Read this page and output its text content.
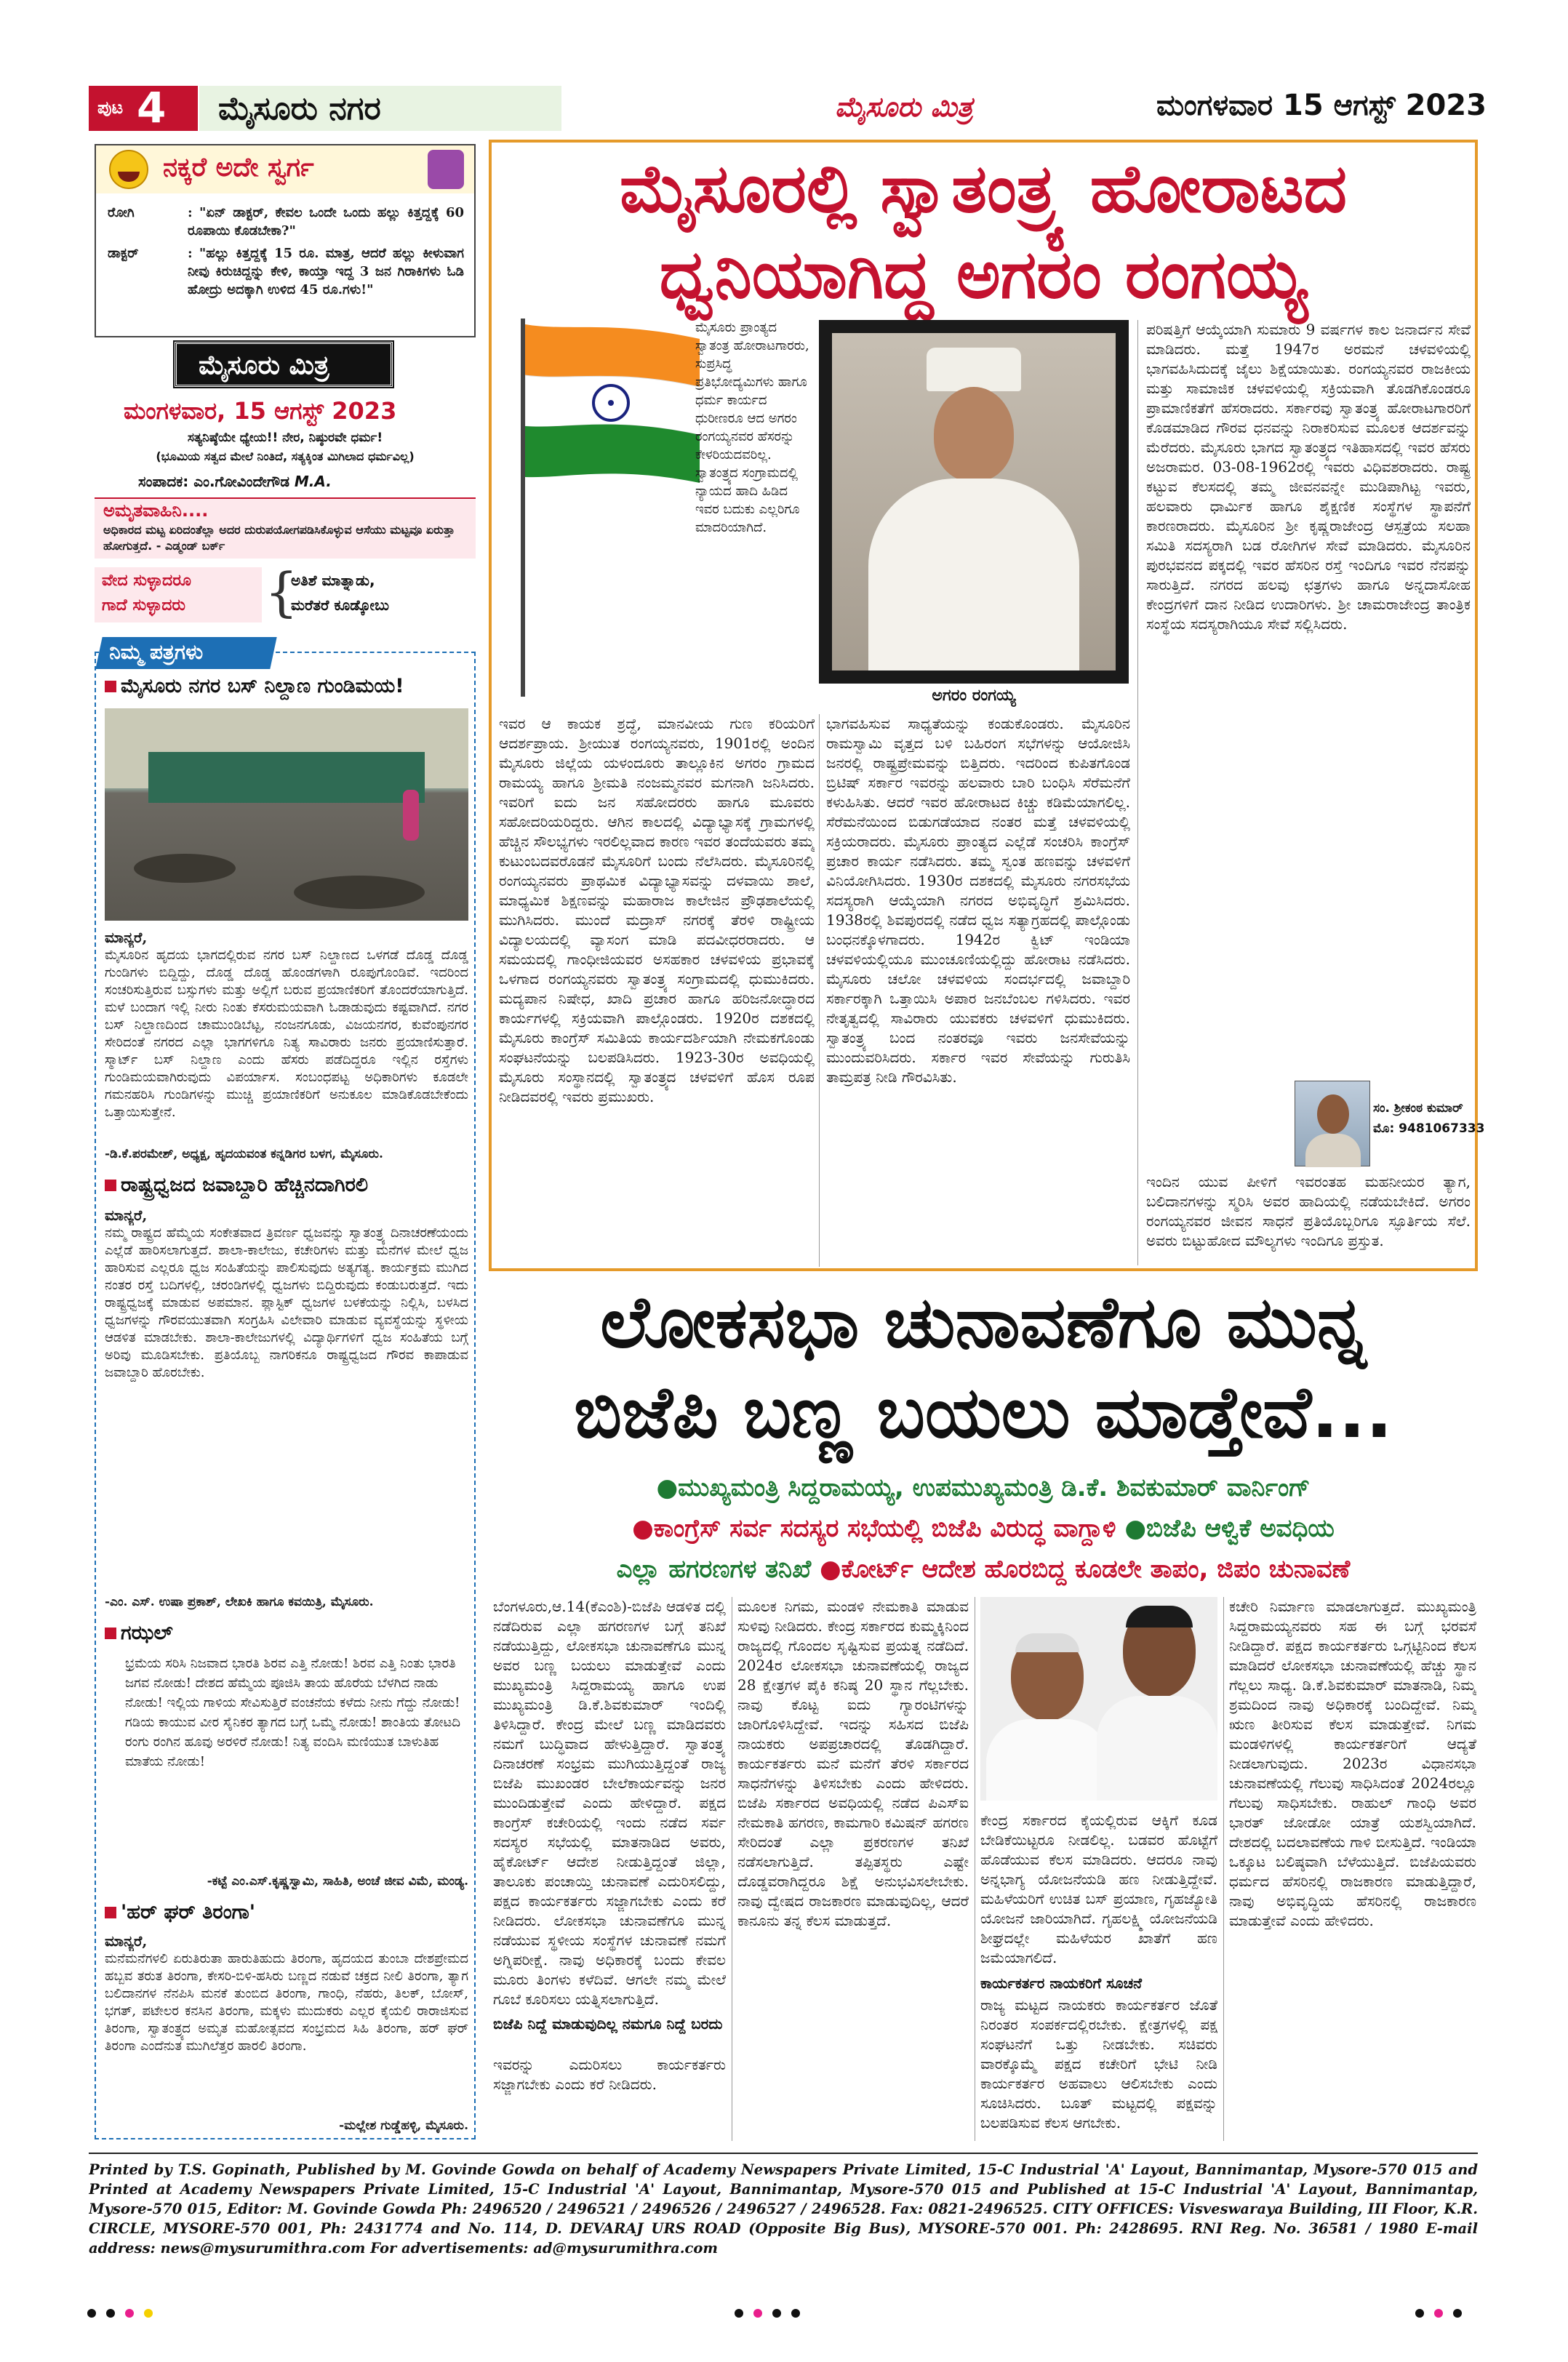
ಪುಟ 4 ಮೈಸೂರು ನಗರ	ಮೈಸೂರು ಮಿತ್ರ	ಮಂಗಳವಾರ 15 ಆಗಸ್ಟ್ 2023
ನಕ್ಕರೆ ಅದೇ ಸ್ವರ್ಗ
ರೋಗಿ	: "ಏನ್ ಡಾಕ್ಟರ್, ಕೇವಲ ಒಂದೇ ಒಂದು ಹಲ್ಲು ಕಿತ್ತದ್ದಕ್ಕೆ 60 ರೂಪಾಯಿ ಕೊಡಬೇಕಾ?"
ಡಾಕ್ಟರ್	: "ಹಲ್ಲು ಕಿತ್ತದ್ದಕ್ಕೆ 15 ರೂ. ಮಾತ್ರ, ಆದರೆ ಹಲ್ಲು ಕೀಳುವಾಗ ನೀವು ಕಿರುಚಿದ್ದನ್ನು ಕೇಳಿ, ಕಾಯ್ತಾ ಇದ್ದ 3 ಜನ ಗಿರಾಕಿಗಳು ಓಡಿ ಹೋದ್ರು ಅದಕ್ಕಾಗಿ ಉಳಿದ 45 ರೂ.ಗಳು!"
ಮೈಸೂರು ಮಿತ್ರ
ಮಂಗಳವಾರ, 15 ಆಗಸ್ಟ್ 2023
ಸತ್ಯನಿಷ್ಠೆಯೇ ಧ್ಯೇಯ!! ನೇರ, ನಿಷ್ಠುರವೇ ಧರ್ಮ!
(ಭೂಮಿಯ ಸತ್ವದ ಮೇಲೆ ನಿಂತಿದೆ, ಸತ್ಯಕ್ಕಿಂತ ಮಿಗಿಲಾದ ಧರ್ಮವಿಲ್ಲ)
ಸಂಪಾದಕ: ಎಂ.ಗೋವಿಂದೇಗೌಡ M.A.
ಅಮೃತವಾಹಿನಿ....
ಅಧಿಕಾರದ ಮಟ್ಟ ಏರಿದಂತೆಲ್ಲಾ ಅದರ ದುರುಪಯೋಗಪಡಿಸಿಕೊಳ್ಳುವ ಆಸೆಯು ಮಟ್ಟವೂ ಏರುತ್ತಾ ಹೋಗುತ್ತದೆ. - ಎಡ್ಮಂಡ್ ಬರ್ಕ್
ವೇದ ಸುಳ್ಳಾದರೂ
ಗಾದೆ ಸುಳ್ಳಾದರು {
ಅತಿಶೆ ಮಾತ್ನಾಡು,
ಮರೆತರೆ ಕೂಡ್ಕೋಬು
ನಿಮ್ಮ ಪತ್ರಗಳು
ಮೈಸೂರು ನಗರ ಬಸ್ ನಿಲ್ದಾಣ ಗುಂಡಿಮಯ!
ಮಾನ್ಯರೆ,
ಮೈಸೂರಿನ ಹೃದಯ ಭಾಗದಲ್ಲಿರುವ ನಗರ ಬಸ್ ನಿಲ್ದಾಣದ ಒಳಗಡೆ ದೊಡ್ಡ ದೊಡ್ಡ ಗುಂಡಿಗಳು ಬಿದ್ದಿದ್ದು, ದೊಡ್ಡ ದೊಡ್ಡ ಹೊಂಡಗಳಾಗಿ ರೂಪುಗೊಂಡಿವೆ. ಇದರಿಂದ ಸಂಚರಿಸುತ್ತಿರುವ ಬಸ್ಸುಗಳು ಮತ್ತು ಅಲ್ಲಿಗೆ ಬರುವ ಪ್ರಯಾಣಿಕರಿಗೆ ತೊಂದರೆಯಾಗುತ್ತಿದೆ. ಮಳೆ ಬಂದಾಗ ಇಲ್ಲಿ ನೀರು ನಿಂತು ಕೆಸರುಮಯವಾಗಿ ಓಡಾಡುವುದು ಕಷ್ಟವಾಗಿದೆ. ನಗರ ಬಸ್ ನಿಲ್ದಾಣದಿಂದ ಚಾಮುಂಡಿಬೆಟ್ಟ, ನಂಜನಗೂಡು, ವಿಜಯನಗರ, ಕುವೆಂಪುನಗರ ಸೇರಿದಂತೆ ನಗರದ ಎಲ್ಲಾ ಭಾಗಗಳಿಗೂ ನಿತ್ಯ ಸಾವಿರಾರು ಜನರು ಪ್ರಯಾಣಿಸುತ್ತಾರೆ. ಸ್ಮಾರ್ಟ್ ಬಸ್ ನಿಲ್ದಾಣ ಎಂದು ಹೆಸರು ಪಡೆದಿದ್ದರೂ ಇಲ್ಲಿನ ರಸ್ತೆಗಳು ಗುಂಡಿಮಯವಾಗಿರುವುದು ವಿಪರ್ಯಾಸ. ಸಂಬಂಧಪಟ್ಟ ಅಧಿಕಾರಿಗಳು ಕೂಡಲೇ ಗಮನಹರಿಸಿ ಗುಂಡಿಗಳನ್ನು ಮುಚ್ಚಿ ಪ್ರಯಾಣಿಕರಿಗೆ ಅನುಕೂಲ ಮಾಡಿಕೊಡಬೇಕೆಂದು ಒತ್ತಾಯಿಸುತ್ತೇನೆ.
-ಡಿ.ಕೆ.ಪರಮೇಶ್, ಅಧ್ಯಕ್ಷ, ಹೃದಯವಂತ ಕನ್ನಡಿಗರ ಬಳಗ, ಮೈಸೂರು.
ರಾಷ್ಟ್ರಧ್ವಜದ ಜವಾಬ್ದಾರಿ ಹೆಚ್ಚಿನದಾಗಿರಲಿ
ಮಾನ್ಯರೆ,
ನಮ್ಮ ರಾಷ್ಟ್ರದ ಹೆಮ್ಮೆಯ ಸಂಕೇತವಾದ ತ್ರಿವರ್ಣ ಧ್ವಜವನ್ನು ಸ್ವಾತಂತ್ರ್ಯ ದಿನಾಚರಣೆಯಂದು ಎಲ್ಲೆಡೆ ಹಾರಿಸಲಾಗುತ್ತದೆ. ಶಾಲಾ-ಕಾಲೇಜು, ಕಚೇರಿಗಳು ಮತ್ತು ಮನೆಗಳ ಮೇಲೆ ಧ್ವಜ ಹಾರಿಸುವ ಎಲ್ಲರೂ ಧ್ವಜ ಸಂಹಿತೆಯನ್ನು ಪಾಲಿಸುವುದು ಅತ್ಯಗತ್ಯ. ಕಾರ್ಯಕ್ರಮ ಮುಗಿದ ನಂತರ ರಸ್ತೆ ಬದಿಗಳಲ್ಲಿ, ಚರಂಡಿಗಳಲ್ಲಿ ಧ್ವಜಗಳು ಬಿದ್ದಿರುವುದು ಕಂಡುಬರುತ್ತದೆ. ಇದು ರಾಷ್ಟ್ರಧ್ವಜಕ್ಕೆ ಮಾಡುವ ಅಪಮಾನ. ಪ್ಲಾಸ್ಟಿಕ್ ಧ್ವಜಗಳ ಬಳಕೆಯನ್ನು ನಿಲ್ಲಿಸಿ, ಬಳಸಿದ ಧ್ವಜಗಳನ್ನು ಗೌರವಯುತವಾಗಿ ಸಂಗ್ರಹಿಸಿ ವಿಲೇವಾರಿ ಮಾಡುವ ವ್ಯವಸ್ಥೆಯನ್ನು ಸ್ಥಳೀಯ ಆಡಳಿತ ಮಾಡಬೇಕು. ಶಾಲಾ-ಕಾಲೇಜುಗಳಲ್ಲಿ ವಿದ್ಯಾರ್ಥಿಗಳಿಗೆ ಧ್ವಜ ಸಂಹಿತೆಯ ಬಗ್ಗೆ ಅರಿವು ಮೂಡಿಸಬೇಕು. ಪ್ರತಿಯೊಬ್ಬ ನಾಗರಿಕನೂ ರಾಷ್ಟ್ರಧ್ವಜದ ಗೌರವ ಕಾಪಾಡುವ ಜವಾಬ್ದಾರಿ ಹೊರಬೇಕು.
-ಎಂ. ಎಸ್. ಉಷಾ ಪ್ರಕಾಶ್, ಲೇಖಕಿ ಹಾಗೂ ಕವಯಿತ್ರಿ, ಮೈಸೂರು.
ಗಝಲ್
ಭ್ರಮೆಯ ಸರಿಸಿ ನಿಜವಾದ ಭಾರತಿ ಶಿರವ ಎತ್ತಿ ನೋಡು! ಶಿರವ ಎತ್ತಿ ನಿಂತು ಭಾರತಿ ಜಗವ ನೋಡು! ದೇಶದ ಹೆಮ್ಮೆಯ ಪೂಜಿಸಿ ತಾಯ ಹೊರೆಯ ಬೆಳಗಿದ ನಾಡು ನೋಡು! ಇಲ್ಲಿಯ ಗಾಳಿಯ ಸೇವಿಸುತ್ತಿರೆ ವಂಚನೆಯ ಕಳೆದು ನೀನು ಗೆದ್ದು ನೋಡು! ಗಡಿಯ ಕಾಯುವ ವೀರ ಸೈನಿಕರ ತ್ಯಾಗದ ಬಗ್ಗೆ ಒಮ್ಮೆ ನೋಡು! ಶಾಂತಿಯ ತೋಟದಿ ರಂಗು ರಂಗಿನ ಹೂವು ಅರಳಿರೆ ನೋಡು! ನಿತ್ಯ ವಂದಿಸಿ ಮಣಿಯುತ ಬಾಳುತಿಹ ಮಾತೆಯ ನೋಡು!
-ಕಟ್ಟೆ ಎಂ.ಎಸ್.ಕೃಷ್ಣಸ್ವಾಮಿ, ಸಾಹಿತಿ, ಅಂಚೆ ಜೀವ ವಿಮೆ, ಮಂಡ್ಯ.
'ಹರ್ ಘರ್ ತಿರಂಗಾ'
ಮಾನ್ಯರೆ,
ಮನೆಮನೆಗಳಲಿ ಏರುತಿರುತಾ ಹಾರುತಿಹುದು ತಿರಂಗಾ, ಹೃದಯದ ತುಂಬಾ ದೇಶಪ್ರೇಮದ ಹಬ್ಬವ ತರುತ ತಿರಂಗಾ, ಕೇಸರಿ-ಬಿಳಿ-ಹಸಿರು ಬಣ್ಣದ ನಡುವೆ ಚಕ್ರದ ನೀಲಿ ತಿರಂಗಾ, ತ್ಯಾಗ ಬಲಿದಾನಗಳ ನೆನಪಿಸಿ ಮನಕೆ ತುಂಬಿದ ತಿರಂಗಾ, ಗಾಂಧಿ, ನೆಹರು, ತಿಲಕ್, ಬೋಸ್, ಭಗತ್, ಪಟೇಲರ ಕನಸಿನ ತಿರಂಗಾ, ಮಕ್ಕಳು ಮುದುಕರು ಎಲ್ಲರ ಕೈಯಲಿ ರಾರಾಜಿಸುವ ತಿರಂಗಾ, ಸ್ವಾತಂತ್ರ್ಯದ ಅಮೃತ ಮಹೋತ್ಸವದ ಸಂಭ್ರಮದ ಸಿಹಿ ತಿರಂಗಾ, ಹರ್ ಘರ್ ತಿರಂಗಾ ಎಂದೆನುತ ಮುಗಿಲೆತ್ತರ ಹಾರಲಿ ತಿರಂಗಾ.
-ಮಲ್ಲೇಶ ಗುಡ್ಡೆಹಳ್ಳಿ, ಮೈಸೂರು.
ಮೈಸೂರಲ್ಲಿ ಸ್ವಾತಂತ್ರ್ಯ ಹೋರಾಟದ
ಧ್ವನಿಯಾಗಿದ್ದ ಅಗರಂ ರಂಗಯ್ಯ
ಮೈಸೂರು ಪ್ರಾಂತ್ಯದ ಸ್ವಾತಂತ್ರ ಹೋರಾಟಗಾರರು, ಸುಪ್ರಸಿದ್ಧ ಪ್ರತಿಭೋದ್ಯಮಿಗಳು ಹಾಗೂ ಧರ್ಮ ಕಾರ್ಯದ ಧುರೀಣರೂ ಆದ ಅಗರಂ ರಂಗಯ್ಯನವರ ಹೆಸರನ್ನು ಕೇಳರಿಯದವರಿಲ್ಲ. ಸ್ವಾತಂತ್ರ್ಯದ ಸಂಗ್ರಾಮದಲ್ಲಿ ನ್ಯಾಯದ ಹಾದಿ ಹಿಡಿದ ಇವರ ಬದುಕು ಎಲ್ಲರಿಗೂ ಮಾದರಿಯಾಗಿದೆ.
ಅಗರಂ ರಂಗಯ್ಯ
ಪರಿಷತ್ತಿಗೆ ಆಯ್ಕೆಯಾಗಿ ಸುಮಾರು 9 ವರ್ಷಗಳ ಕಾಲ ಜನಾರ್ದನ ಸೇವೆ ಮಾಡಿದರು. ಮತ್ತೆ 1947ರ ಅರಮನೆ ಚಳವಳಿಯಲ್ಲಿ ಭಾಗವಹಿಸಿದುದಕ್ಕೆ ಜೈಲು ಶಿಕ್ಷೆಯಾಯಿತು. ರಂಗಯ್ಯನವರ ರಾಜಕೀಯ ಮತ್ತು ಸಾಮಾಜಿಕ ಚಳವಳಿಯಲ್ಲಿ ಸಕ್ರಿಯವಾಗಿ ತೊಡಗಿಕೊಂಡರೂ ಪ್ರಾಮಾಣಿಕತೆಗೆ ಹೆಸರಾದರು. ಸರ್ಕಾರವು ಸ್ವಾತಂತ್ರ್ಯ ಹೋರಾಟಗಾರರಿಗೆ ಕೊಡಮಾಡಿದ ಗೌರವ ಧನವನ್ನು ನಿರಾಕರಿಸುವ ಮೂಲಕ ಆದರ್ಶವನ್ನು ಮೆರೆದರು. ಮೈಸೂರು ಭಾಗದ ಸ್ವಾತಂತ್ರ್ಯದ ಇತಿಹಾಸದಲ್ಲಿ ಇವರ ಹೆಸರು ಅಜರಾಮರ. 03-08-1962ರಲ್ಲಿ ಇವರು ವಿಧಿವಶರಾದರು. ರಾಷ್ಟ್ರ ಕಟ್ಟುವ ಕೆಲಸದಲ್ಲಿ ತಮ್ಮ ಜೀವನವನ್ನೇ ಮುಡಿಪಾಗಿಟ್ಟ ಇವರು, ಹಲವಾರು ಧಾರ್ಮಿಕ ಹಾಗೂ ಶೈಕ್ಷಣಿಕ ಸಂಸ್ಥೆಗಳ ಸ್ಥಾಪನೆಗೆ ಕಾರಣರಾದರು. ಮೈಸೂರಿನ ಶ್ರೀ ಕೃಷ್ಣರಾಜೇಂದ್ರ ಆಸ್ಪತ್ರೆಯ ಸಲಹಾ ಸಮಿತಿ ಸದಸ್ಯರಾಗಿ ಬಡ ರೋಗಿಗಳ ಸೇವೆ ಮಾಡಿದರು. ಮೈಸೂರಿನ ಪುರಭವನದ ಪಕ್ಕದಲ್ಲಿ ಇವರ ಹೆಸರಿನ ರಸ್ತೆ ಇಂದಿಗೂ ಇವರ ನೆನಪನ್ನು ಸಾರುತ್ತಿದೆ. ನಗರದ ಹಲವು ಛತ್ರಗಳು ಹಾಗೂ ಅನ್ನದಾಸೋಹ ಕೇಂದ್ರಗಳಿಗೆ ದಾನ ನೀಡಿದ ಉದಾರಿಗಳು. ಶ್ರೀ ಚಾಮರಾಜೇಂದ್ರ ತಾಂತ್ರಿಕ ಸಂಸ್ಥೆಯ ಸದಸ್ಯರಾಗಿಯೂ ಸೇವೆ ಸಲ್ಲಿಸಿದರು.
ಇವರ ಆ ಕಾಯಕ ಶ್ರದ್ಧೆ, ಮಾನವೀಯ ಗುಣ ಕರಿಯರಿಗೆ ಆದರ್ಶಪ್ರಾಯ. ಶ್ರೀಯುತ ರಂಗಯ್ಯನವರು, 1901ರಲ್ಲಿ ಅಂದಿನ ಮೈಸೂರು ಜಿಲ್ಲೆಯ ಯಳಂದೂರು ತಾಲ್ಲೂಕಿನ ಅಗರಂ ಗ್ರಾಮದ ರಾಮಯ್ಯ ಹಾಗೂ ಶ್ರೀಮತಿ ನಂಜಮ್ಮನವರ ಮಗನಾಗಿ ಜನಿಸಿದರು. ಇವರಿಗೆ ಐದು ಜನ ಸಹೋದರರು ಹಾಗೂ ಮೂವರು ಸಹೋದರಿಯರಿದ್ದರು. ಆಗಿನ ಕಾಲದಲ್ಲಿ ವಿದ್ಯಾಭ್ಯಾಸಕ್ಕೆ ಗ್ರಾಮಗಳಲ್ಲಿ ಹೆಚ್ಚಿನ ಸೌಲಭ್ಯಗಳು ಇರಲಿಲ್ಲವಾದ ಕಾರಣ ಇವರ ತಂದೆಯವರು ತಮ್ಮ ಕುಟುಂಬದವರೊಡನೆ ಮೈಸೂರಿಗೆ ಬಂದು ನೆಲೆಸಿದರು. ಮೈಸೂರಿನಲ್ಲಿ ರಂಗಯ್ಯನವರು ಪ್ರಾಥಮಿಕ ವಿದ್ಯಾಭ್ಯಾಸವನ್ನು ದಳವಾಯಿ ಶಾಲೆ, ಮಾಧ್ಯಮಿಕ ಶಿಕ್ಷಣವನ್ನು ಮಹಾರಾಜ ಕಾಲೇಜಿನ ಪ್ರೌಢಶಾಲೆಯಲ್ಲಿ ಮುಗಿಸಿದರು. ಮುಂದೆ ಮದ್ರಾಸ್ ನಗರಕ್ಕೆ ತೆರಳಿ ರಾಷ್ಟ್ರೀಯ ವಿದ್ಯಾಲಯದಲ್ಲಿ ವ್ಯಾಸಂಗ ಮಾಡಿ ಪದವೀಧರರಾದರು. ಆ ಸಮಯದಲ್ಲಿ ಗಾಂಧೀಜಿಯವರ ಅಸಹಕಾರ ಚಳವಳಿಯ ಪ್ರಭಾವಕ್ಕೆ ಒಳಗಾದ ರಂಗಯ್ಯನವರು ಸ್ವಾತಂತ್ರ್ಯ ಸಂಗ್ರಾಮದಲ್ಲಿ ಧುಮುಕಿದರು. ಮದ್ಯಪಾನ ನಿಷೇಧ, ಖಾದಿ ಪ್ರಚಾರ ಹಾಗೂ ಹರಿಜನೋದ್ಧಾರದ ಕಾರ್ಯಗಳಲ್ಲಿ ಸಕ್ರಿಯವಾಗಿ ಪಾಲ್ಗೊಂಡರು. 1920ರ ದಶಕದಲ್ಲಿ ಮೈಸೂರು ಕಾಂಗ್ರೆಸ್ ಸಮಿತಿಯ ಕಾರ್ಯದರ್ಶಿಯಾಗಿ ನೇಮಕಗೊಂಡು ಸಂಘಟನೆಯನ್ನು ಬಲಪಡಿಸಿದರು. 1923-30ರ ಅವಧಿಯಲ್ಲಿ ಮೈಸೂರು ಸಂಸ್ಥಾನದಲ್ಲಿ ಸ್ವಾತಂತ್ರ್ಯದ ಚಳವಳಿಗೆ ಹೊಸ ರೂಪ ನೀಡಿದವರಲ್ಲಿ ಇವರು ಪ್ರಮುಖರು.
ಭಾಗವಹಿಸುವ ಸಾಧ್ಯತೆಯನ್ನು ಕಂಡುಕೊಂಡರು. ಮೈಸೂರಿನ ರಾಮಸ್ವಾಮಿ ವೃತ್ತದ ಬಳಿ ಬಹಿರಂಗ ಸಭೆಗಳನ್ನು ಆಯೋಜಿಸಿ ಜನರಲ್ಲಿ ರಾಷ್ಟ್ರಪ್ರೇಮವನ್ನು ಬಿತ್ತಿದರು. ಇದರಿಂದ ಕುಪಿತಗೊಂಡ ಬ್ರಿಟಿಷ್ ಸರ್ಕಾರ ಇವರನ್ನು ಹಲವಾರು ಬಾರಿ ಬಂಧಿಸಿ ಸೆರೆಮನೆಗೆ ಕಳುಹಿಸಿತು. ಆದರೆ ಇವರ ಹೋರಾಟದ ಕಿಚ್ಚು ಕಡಿಮೆಯಾಗಲಿಲ್ಲ. ಸೆರೆಮನೆಯಿಂದ ಬಿಡುಗಡೆಯಾದ ನಂತರ ಮತ್ತೆ ಚಳವಳಿಯಲ್ಲಿ ಸಕ್ರಿಯರಾದರು. ಮೈಸೂರು ಪ್ರಾಂತ್ಯದ ಎಲ್ಲೆಡೆ ಸಂಚರಿಸಿ ಕಾಂಗ್ರೆಸ್ ಪ್ರಚಾರ ಕಾರ್ಯ ನಡೆಸಿದರು. ತಮ್ಮ ಸ್ವಂತ ಹಣವನ್ನು ಚಳವಳಿಗೆ ವಿನಿಯೋಗಿಸಿದರು. 1930ರ ದಶಕದಲ್ಲಿ ಮೈಸೂರು ನಗರಸಭೆಯ ಸದಸ್ಯರಾಗಿ ಆಯ್ಕೆಯಾಗಿ ನಗರದ ಅಭಿವೃದ್ಧಿಗೆ ಶ್ರಮಿಸಿದರು. 1938ರಲ್ಲಿ ಶಿವಪುರದಲ್ಲಿ ನಡೆದ ಧ್ವಜ ಸತ್ಯಾಗ್ರಹದಲ್ಲಿ ಪಾಲ್ಗೊಂಡು ಬಂಧನಕ್ಕೊಳಗಾದರು. 1942ರ ಕ್ವಿಟ್ ಇಂಡಿಯಾ ಚಳವಳಿಯಲ್ಲಿಯೂ ಮುಂಚೂಣಿಯಲ್ಲಿದ್ದು ಹೋರಾಟ ನಡೆಸಿದರು. ಮೈಸೂರು ಚಲೋ ಚಳವಳಿಯ ಸಂದರ್ಭದಲ್ಲಿ ಜವಾಬ್ದಾರಿ ಸರ್ಕಾರಕ್ಕಾಗಿ ಒತ್ತಾಯಿಸಿ ಅಪಾರ ಜನಬೆಂಬಲ ಗಳಿಸಿದರು. ಇವರ ನೇತೃತ್ವದಲ್ಲಿ ಸಾವಿರಾರು ಯುವಕರು ಚಳವಳಿಗೆ ಧುಮುಕಿದರು. ಸ್ವಾತಂತ್ರ್ಯ ಬಂದ ನಂತರವೂ ಇವರು ಜನಸೇವೆಯನ್ನು ಮುಂದುವರಿಸಿದರು. ಸರ್ಕಾರ ಇವರ ಸೇವೆಯನ್ನು ಗುರುತಿಸಿ ತಾಮ್ರಪತ್ರ ನೀಡಿ ಗೌರವಿಸಿತು.
ಸಂ. ಶ್ರೀಕಂಠ ಕುಮಾರ್
ಮೊ: 9481067333
ಇಂದಿನ ಯುವ ಪೀಳಿಗೆ ಇವರಂತಹ ಮಹನೀಯರ ತ್ಯಾಗ, ಬಲಿದಾನಗಳನ್ನು ಸ್ಮರಿಸಿ ಅವರ ಹಾದಿಯಲ್ಲಿ ನಡೆಯಬೇಕಿದೆ. ಅಗರಂ ರಂಗಯ್ಯನವರ ಜೀವನ ಸಾಧನೆ ಪ್ರತಿಯೊಬ್ಬರಿಗೂ ಸ್ಫೂರ್ತಿಯ ಸೆಲೆ. ಅವರು ಬಿಟ್ಟುಹೋದ ಮೌಲ್ಯಗಳು ಇಂದಿಗೂ ಪ್ರಸ್ತುತ.
ಲೋಕಸಭಾ ಚುನಾವಣೆಗೂ ಮುನ್ನ
ಬಿಜೆಪಿ ಬಣ್ಣ ಬಯಲು ಮಾಡ್ತೇವೆ...
●ಮುಖ್ಯಮಂತ್ರಿ ಸಿದ್ದರಾಮಯ್ಯ, ಉಪಮುಖ್ಯಮಂತ್ರಿ ಡಿ.ಕೆ. ಶಿವಕುಮಾರ್ ವಾರ್ನಿಂಗ್
●ಕಾಂಗ್ರೆಸ್ ಸರ್ವ ಸದಸ್ಯರ ಸಭೆಯಲ್ಲಿ ಬಿಜೆಪಿ ವಿರುದ್ಧ ವಾಗ್ದಾಳಿ ●ಬಿಜೆಪಿ ಆಳ್ವಿಕೆ ಅವಧಿಯ
ಎಲ್ಲಾ ಹಗರಣಗಳ ತನಿಖೆ ●ಕೋರ್ಟ್ ಆದೇಶ ಹೊರಬಿದ್ದ ಕೂಡಲೇ ತಾಪಂ, ಜಿಪಂ ಚುನಾವಣೆ
ಬೆಂಗಳೂರು,ಆ.14(ಕೆಎಂಶಿ)-ಬಿಜೆಪಿ ಆಡಳಿತ ದಲ್ಲಿ ನಡೆದಿರುವ ಎಲ್ಲಾ ಹಗರಣಗಳ ಬಗ್ಗೆ ತನಿಖೆ ನಡೆಯುತ್ತಿದ್ದು, ಲೋಕಸಭಾ ಚುನಾವಣೆಗೂ ಮುನ್ನ ಅವರ ಬಣ್ಣ ಬಯಲು ಮಾಡುತ್ತೇವೆ ಎಂದು ಮುಖ್ಯಮಂತ್ರಿ ಸಿದ್ದರಾಮಯ್ಯ ಹಾಗೂ ಉಪ ಮುಖ್ಯಮಂತ್ರಿ ಡಿ.ಕೆ.ಶಿವಕುಮಾರ್ ಇಂದಿಲ್ಲಿ ತಿಳಿಸಿದ್ದಾರೆ. ಕೇಂದ್ರ ಮೇಲೆ ಬಣ್ಣ ಮಾಡಿದವರು ನಮಗೆ ಬುದ್ಧಿವಾದ ಹೇಳುತ್ತಿದ್ದಾರೆ. ಸ್ವಾತಂತ್ರ್ಯ ದಿನಾಚರಣೆ ಸಂಭ್ರಮ ಮುಗಿಯುತ್ತಿದ್ದಂತೆ ರಾಜ್ಯ ಬಿಜೆಪಿ ಮುಖಂಡರ ಬೇಲೆಕಾರ್ಯವನ್ನು ಜನರ ಮುಂದಿಡುತ್ತೇವೆ ಎಂದು ಹೇಳಿದ್ದಾರೆ. ಪಕ್ಷದ ಕಾಂಗ್ರೆಸ್ ಕಚೇರಿಯಲ್ಲಿ ಇಂದು ನಡೆದ ಸರ್ವ ಸದಸ್ಯರ ಸಭೆಯಲ್ಲಿ ಮಾತನಾಡಿದ ಅವರು, ಹೈಕೋರ್ಟ್ ಆದೇಶ ನೀಡುತ್ತಿದ್ದಂತೆ ಜಿಲ್ಲಾ, ತಾಲೂಕು ಪಂಚಾಯ್ತಿ ಚುನಾವಣೆ ಎದುರಿಸಲಿದ್ದು, ಪಕ್ಷದ ಕಾರ್ಯಕರ್ತರು ಸಜ್ಜಾಗಬೇಕು ಎಂದು ಕರೆ ನೀಡಿದರು. ಲೋಕಸಭಾ ಚುನಾವಣೆಗೂ ಮುನ್ನ ನಡೆಯುವ ಸ್ಥಳೀಯ ಸಂಸ್ಥೆಗಳ ಚುನಾವಣೆ ನಮಗೆ ಅಗ್ನಿಪರೀಕ್ಷೆ. ನಾವು ಅಧಿಕಾರಕ್ಕೆ ಬಂದು ಕೇವಲ ಮೂರು ತಿಂಗಳು ಕಳೆದಿವೆ. ಆಗಲೇ ನಮ್ಮ ಮೇಲೆ ಗೂಬೆ ಕೂರಿಸಲು ಯತ್ನಿಸಲಾಗುತ್ತಿದೆ.
ಬಿಜೆಪಿ ನಿದ್ದೆ ಮಾಡುವುದಿಲ್ಲ ನಮಗೂ ನಿದ್ದೆ ಬರದು
ಇವರನ್ನು ಎದುರಿಸಲು ಕಾರ್ಯಕರ್ತರು ಸಜ್ಜಾಗಬೇಕು ಎಂದು ಕರೆ ನೀಡಿದರು.
ಮೂಲಕ ನಿಗಮ, ಮಂಡಳಿ ನೇಮಕಾತಿ ಮಾಡುವ ಸುಳಿವು ನೀಡಿದರು. ಕೇಂದ್ರ ಸರ್ಕಾರದ ಕುಮ್ಮಕ್ಕಿನಿಂದ ರಾಜ್ಯದಲ್ಲಿ ಗೊಂದಲ ಸೃಷ್ಟಿಸುವ ಪ್ರಯತ್ನ ನಡೆದಿದೆ. 2024ರ ಲೋಕಸಭಾ ಚುನಾವಣೆಯಲ್ಲಿ ರಾಜ್ಯದ 28 ಕ್ಷೇತ್ರಗಳ ಪೈಕಿ ಕನಿಷ್ಠ 20 ಸ್ಥಾನ ಗೆಲ್ಲಬೇಕು. ನಾವು ಕೊಟ್ಟ ಐದು ಗ್ಯಾರಂಟಿಗಳನ್ನು ಜಾರಿಗೊಳಿಸಿದ್ದೇವೆ. ಇದನ್ನು ಸಹಿಸದ ಬಿಜೆಪಿ ನಾಯಕರು ಅಪಪ್ರಚಾರದಲ್ಲಿ ತೊಡಗಿದ್ದಾರೆ. ಕಾರ್ಯಕರ್ತರು ಮನೆ ಮನೆಗೆ ತೆರಳಿ ಸರ್ಕಾರದ ಸಾಧನೆಗಳನ್ನು ತಿಳಿಸಬೇಕು ಎಂದು ಹೇಳಿದರು. ಬಿಜೆಪಿ ಸರ್ಕಾರದ ಅವಧಿಯಲ್ಲಿ ನಡೆದ ಪಿಎಸ್ಐ ನೇಮಕಾತಿ ಹಗರಣ, ಕಾಮಗಾರಿ ಕಮಿಷನ್ ಹಗರಣ ಸೇರಿದಂತೆ ಎಲ್ಲಾ ಪ್ರಕರಣಗಳ ತನಿಖೆ ನಡೆಸಲಾಗುತ್ತಿದೆ. ತಪ್ಪಿತಸ್ಥರು ಎಷ್ಟೇ ದೊಡ್ಡವರಾಗಿದ್ದರೂ ಶಿಕ್ಷೆ ಅನುಭವಿಸಲೇಬೇಕು. ನಾವು ದ್ವೇಷದ ರಾಜಕಾರಣ ಮಾಡುವುದಿಲ್ಲ, ಆದರೆ ಕಾನೂನು ತನ್ನ ಕೆಲಸ ಮಾಡುತ್ತದೆ.
ಕೇಂದ್ರ ಸರ್ಕಾರದ ಕೈಯಲ್ಲಿರುವ ಆಕ್ಕಿಗೆ ಕೂಡ ಬೇಡಿಕೆಯಿಟ್ಟರೂ ನೀಡಲಿಲ್ಲ. ಬಡವರ ಹೊಟ್ಟೆಗೆ ಹೊಡೆಯುವ ಕೆಲಸ ಮಾಡಿದರು. ಆದರೂ ನಾವು ಅನ್ನಭಾಗ್ಯ ಯೋಜನೆಯಡಿ ಹಣ ನೀಡುತ್ತಿದ್ದೇವೆ. ಮಹಿಳೆಯರಿಗೆ ಉಚಿತ ಬಸ್ ಪ್ರಯಾಣ, ಗೃಹಜ್ಯೋತಿ ಯೋಜನೆ ಜಾರಿಯಾಗಿದೆ. ಗೃಹಲಕ್ಷ್ಮಿ ಯೋಜನೆಯಡಿ ಶೀಘ್ರದಲ್ಲೇ ಮಹಿಳೆಯರ ಖಾತೆಗೆ ಹಣ ಜಮೆಯಾಗಲಿದೆ.
ಕಾರ್ಯಕರ್ತರ ನಾಯಕರಿಗೆ ಸೂಚನೆ
ರಾಜ್ಯ ಮಟ್ಟದ ನಾಯಕರು ಕಾರ್ಯಕರ್ತರ ಜೊತೆ ನಿರಂತರ ಸಂಪರ್ಕದಲ್ಲಿರಬೇಕು. ಕ್ಷೇತ್ರಗಳಲ್ಲಿ ಪಕ್ಷ ಸಂಘಟನೆಗೆ ಒತ್ತು ನೀಡಬೇಕು. ಸಚಿವರು ವಾರಕ್ಕೊಮ್ಮೆ ಪಕ್ಷದ ಕಚೇರಿಗೆ ಭೇಟಿ ನೀಡಿ ಕಾರ್ಯಕರ್ತರ ಅಹವಾಲು ಆಲಿಸಬೇಕು ಎಂದು ಸೂಚಿಸಿದರು. ಬೂತ್ ಮಟ್ಟದಲ್ಲಿ ಪಕ್ಷವನ್ನು ಬಲಪಡಿಸುವ ಕೆಲಸ ಆಗಬೇಕು.
ಕಚೇರಿ ನಿರ್ಮಾಣ ಮಾಡಲಾಗುತ್ತದೆ. ಮುಖ್ಯಮಂತ್ರಿ ಸಿದ್ದರಾಮಯ್ಯನವರು ಸಹ ಈ ಬಗ್ಗೆ ಭರವಸೆ ನೀಡಿದ್ದಾರೆ. ಪಕ್ಷದ ಕಾರ್ಯಕರ್ತರು ಒಗ್ಗಟ್ಟಿನಿಂದ ಕೆಲಸ ಮಾಡಿದರೆ ಲೋಕಸಭಾ ಚುನಾವಣೆಯಲ್ಲಿ ಹೆಚ್ಚು ಸ್ಥಾನ ಗೆಲ್ಲಲು ಸಾಧ್ಯ. ಡಿ.ಕೆ.ಶಿವಕುಮಾರ್ ಮಾತನಾಡಿ, ನಿಮ್ಮ ಶ್ರಮದಿಂದ ನಾವು ಅಧಿಕಾರಕ್ಕೆ ಬಂದಿದ್ದೇವೆ. ನಿಮ್ಮ ಋಣ ತೀರಿಸುವ ಕೆಲಸ ಮಾಡುತ್ತೇವೆ. ನಿಗಮ ಮಂಡಳಿಗಳಲ್ಲಿ ಕಾರ್ಯಕರ್ತರಿಗೆ ಆದ್ಯತೆ ನೀಡಲಾಗುವುದು. 2023ರ ವಿಧಾನಸಭಾ ಚುನಾವಣೆಯಲ್ಲಿ ಗೆಲುವು ಸಾಧಿಸಿದಂತೆ 2024ರಲ್ಲೂ ಗೆಲುವು ಸಾಧಿಸಬೇಕು. ರಾಹುಲ್ ಗಾಂಧಿ ಅವರ ಭಾರತ್ ಜೋಡೋ ಯಾತ್ರೆ ಯಶಸ್ವಿಯಾಗಿದೆ. ದೇಶದಲ್ಲಿ ಬದಲಾವಣೆಯ ಗಾಳಿ ಬೀಸುತ್ತಿದೆ. ಇಂಡಿಯಾ ಒಕ್ಕೂಟ ಬಲಿಷ್ಠವಾಗಿ ಬೆಳೆಯುತ್ತಿದೆ. ಬಿಜೆಪಿಯವರು ಧರ್ಮದ ಹೆಸರಿನಲ್ಲಿ ರಾಜಕಾರಣ ಮಾಡುತ್ತಿದ್ದಾರೆ, ನಾವು ಅಭಿವೃದ್ಧಿಯ ಹೆಸರಿನಲ್ಲಿ ರಾಜಕಾರಣ ಮಾಡುತ್ತೇವೆ ಎಂದು ಹೇಳಿದರು.
Printed by T.S. Gopinath, Published by M. Govinde Gowda on behalf of Academy Newspapers Private Limited, 15-C Industrial 'A' Layout, Bannimantap, Mysore-570 015 and Printed at Academy Newspapers Private Limited, 15-C Industrial 'A' Layout, Bannimantap, Mysore-570 015 and Published at 15-C Industrial 'A' Layout, Bannimantap, Mysore-570 015, Editor: M. Govinde Gowda Ph: 2496520 / 2496521 / 2496526 / 2496527 / 2496528. Fax: 0821-2496525. CITY OFFICES: Visveswaraya Building, III Floor, K.R. CIRCLE, MYSORE-570 001, Ph: 2431774 and No. 114, D. DEVARAJ URS ROAD (Opposite Big Bus), MYSORE-570 001. Ph: 2428695. RNI Reg. No. 36581 / 1980 E-mail address: news@mysurumithra.com For advertisements: ad@mysurumithra.com
